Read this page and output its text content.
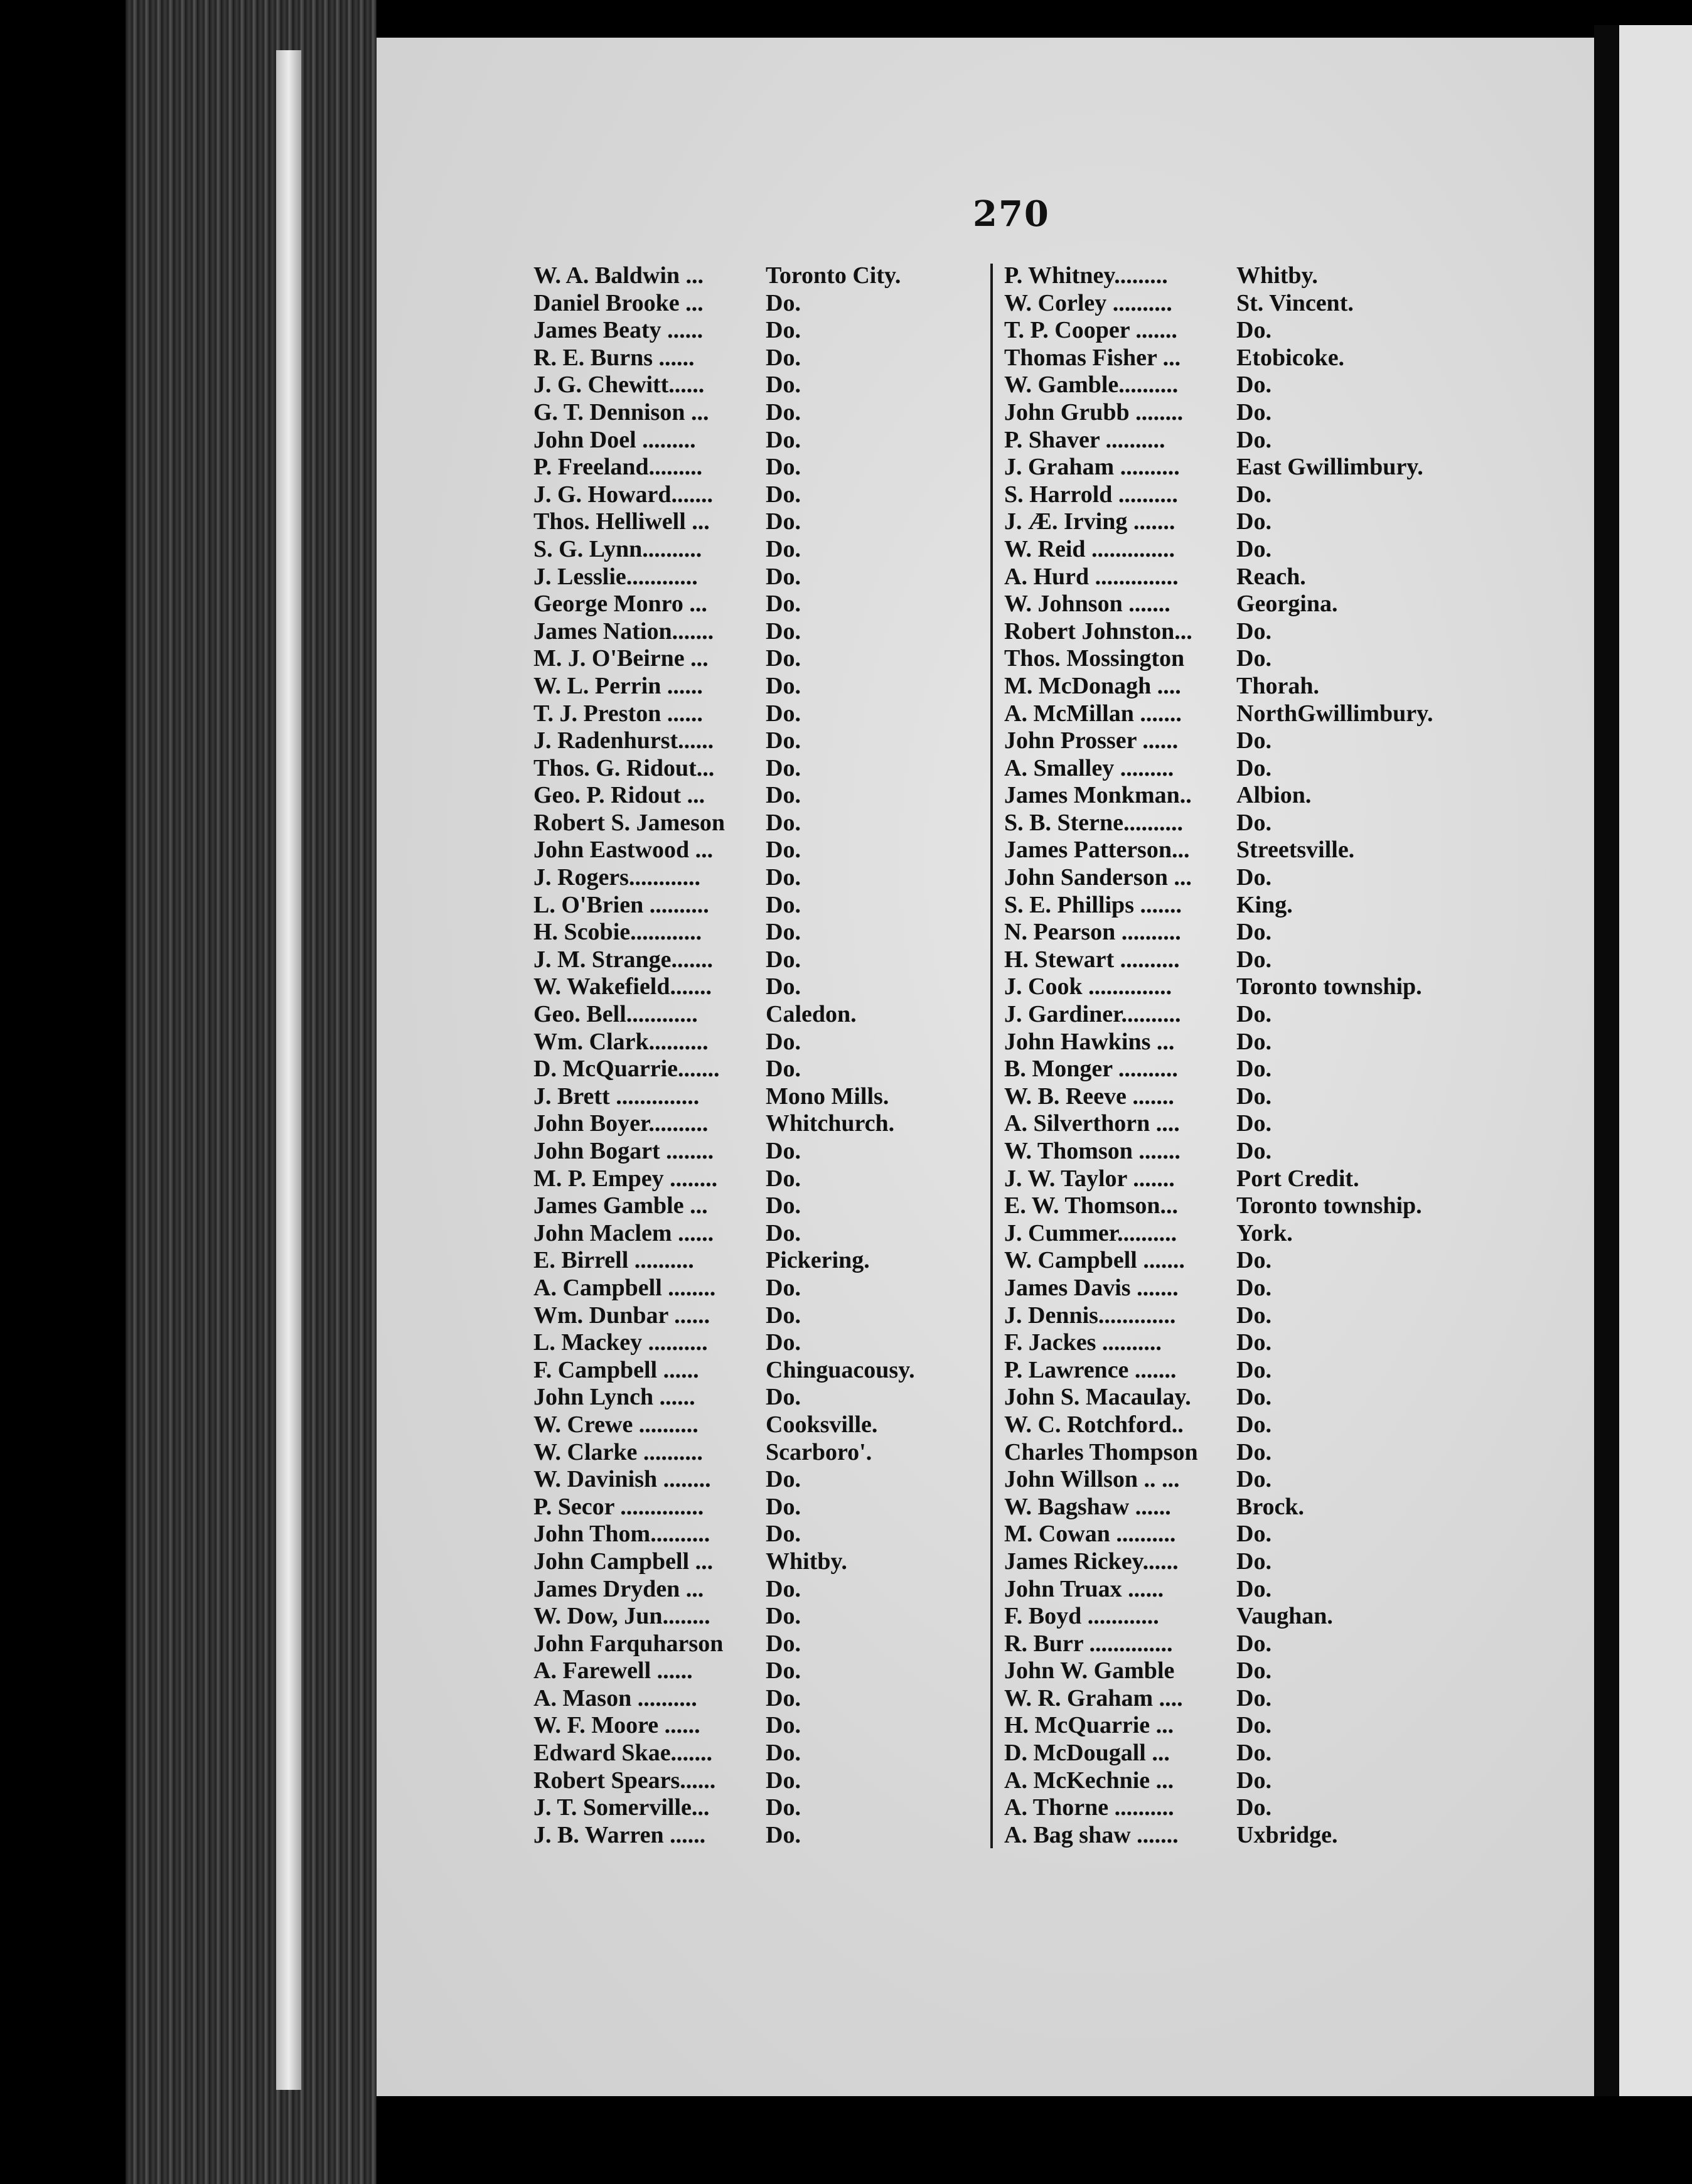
270
W. A. Baldwin ...	Toronto City.
Daniel Brooke ...	Do.
James Beaty ......	Do.
R. E. Burns ......	Do.
J. G. Chewitt......	Do.
G. T. Dennison ...	Do.
John Doel .........	Do.
P. Freeland.........	Do.
J. G. Howard.......	Do.
Thos. Helliwell ...	Do.
S. G. Lynn..........	Do.
J. Lesslie............	Do.
George Monro ...	Do.
James Nation.......	Do.
M. J. O'Beirne ...	Do.
W. L. Perrin ......	Do.
T. J. Preston ......	Do.
J. Radenhurst......	Do.
Thos. G. Ridout...	Do.
Geo. P. Ridout ...	Do.
Robert S. Jameson	Do.
John Eastwood ...	Do.
J. Rogers............	Do.
L. O'Brien ..........	Do.
H. Scobie............	Do.
J. M. Strange.......	Do.
W. Wakefield.......	Do.
Geo. Bell............	Caledon.
Wm. Clark..........	Do.
D. McQuarrie.......	Do.
J. Brett ..............	Mono Mills.
John Boyer..........	Whitchurch.
John Bogart ........	Do.
M. P. Empey ........	Do.
James Gamble ...	Do.
John Maclem ......	Do.
E. Birrell ..........	Pickering.
A. Campbell ........	Do.
Wm. Dunbar ......	Do.
L. Mackey ..........	Do.
F. Campbell ......	Chinguacousy.
John Lynch ......	Do.
W. Crewe ..........	Cooksville.
W. Clarke ..........	Scarboro'.
W. Davinish ........	Do.
P. Secor ..............	Do.
John Thom..........	Do.
John Campbell ...	Whitby.
James Dryden ...	Do.
W. Dow, Jun........	Do.
John Farquharson	Do.
A. Farewell ......	Do.
A. Mason ..........	Do.
W. F. Moore ......	Do.
Edward Skae.......	Do.
Robert Spears......	Do.
J. T. Somerville...	Do.
J. B. Warren ......	Do.
P. Whitney.........	Whitby.
W. Corley ..........	St. Vincent.
T. P. Cooper .......	Do.
Thomas Fisher ...	Etobicoke.
W. Gamble..........	Do.
John Grubb ........	Do.
P. Shaver ..........	Do.
J. Graham ..........	East Gwillimbury.
S. Harrold ..........	Do.
J. Æ. Irving .......	Do.
W. Reid ..............	Do.
A. Hurd ..............	Reach.
W. Johnson .......	Georgina.
Robert Johnston...	Do.
Thos. Mossington	Do.
M. McDonagh ....	Thorah.
A. McMillan .......	NorthGwillimbury.
John Prosser ......	Do.
A. Smalley .........	Do.
James Monkman..	Albion.
S. B. Sterne..........	Do.
James Patterson...	Streetsville.
John Sanderson ...	Do.
S. E. Phillips .......	King.
N. Pearson ..........	Do.
H. Stewart ..........	Do.
J. Cook ..............	Toronto township.
J. Gardiner..........	Do.
John Hawkins ...	Do.
B. Monger ..........	Do.
W. B. Reeve .......	Do.
A. Silverthorn ....	Do.
W. Thomson .......	Do.
J. W. Taylor .......	Port Credit.
E. W. Thomson...	Toronto township.
J. Cummer..........	York.
W. Campbell .......	Do.
James Davis .......	Do.
J. Dennis.............	Do.
F. Jackes ..........	Do.
P. Lawrence .......	Do.
John S. Macaulay.	Do.
W. C. Rotchford..	Do.
Charles Thompson	Do.
John Willson .. ...	Do.
W. Bagshaw ......	Brock.
M. Cowan ..........	Do.
James Rickey......	Do.
John Truax ......	Do.
F. Boyd ............	Vaughan.
R. Burr ..............	Do.
John W. Gamble	Do.
W. R. Graham ....	Do.
H. McQuarrie ...	Do.
D. McDougall ...	Do.
A. McKechnie ...	Do.
A. Thorne ..........	Do.
A. Bag shaw .......	Uxbridge.
